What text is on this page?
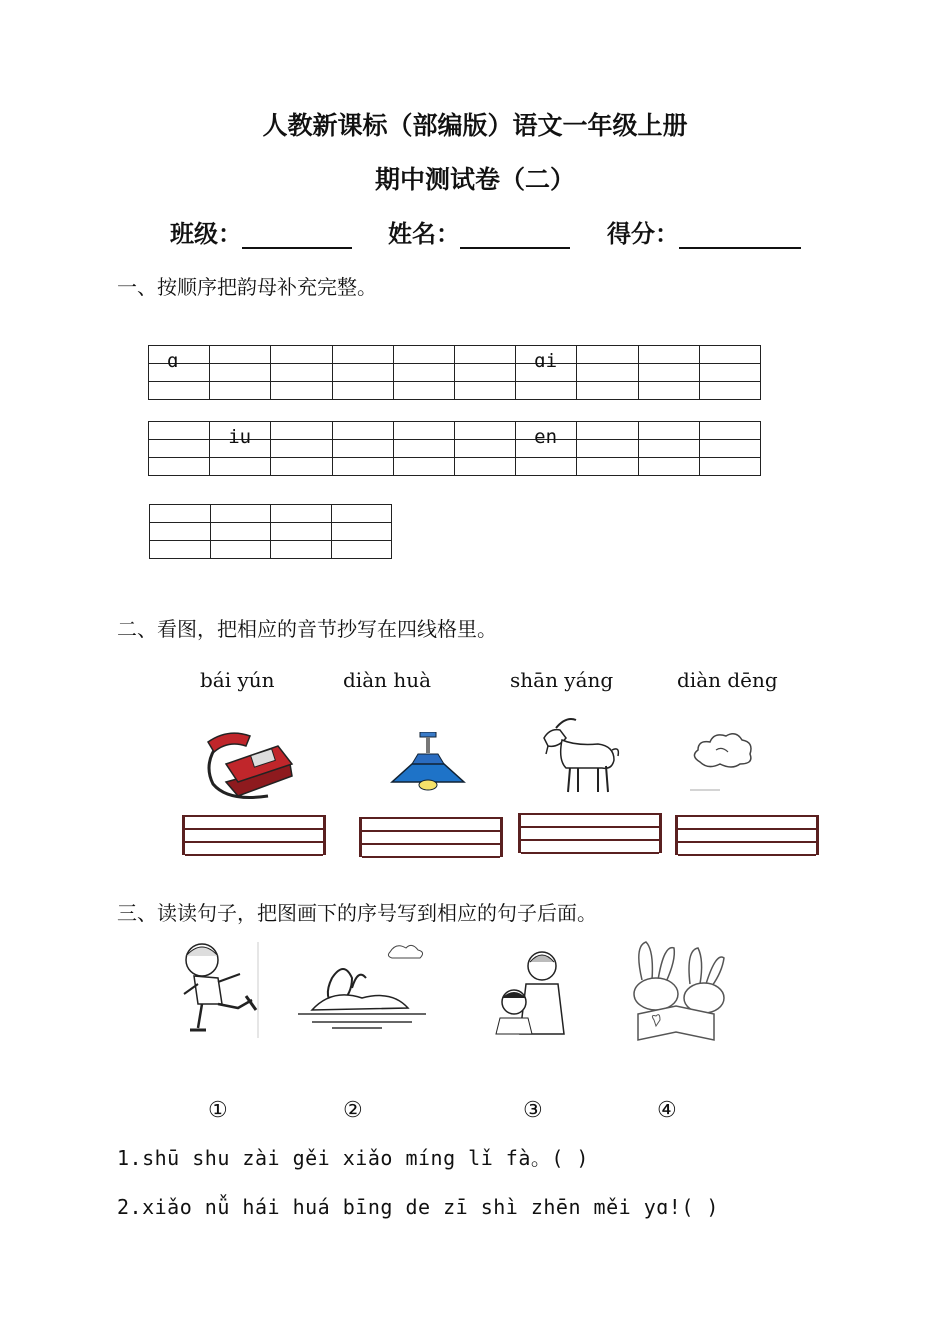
人教新课标（部编版）语文一年级上册
期中测试卷（二）
班级：	姓名：	得分：
一、按顺序把韵母补充完整。
ɑ						ɑi			

	iu					en			

二、看图，把相应的音节抄写在四线格里。
bái yún	diàn huà	shān yáng	diàn dēng
三、读读句子，把图画下的序号写到相应的句子后面。
①	②	③	④
1.shū shu zài gěi xiǎo míng lǐ fà。( )
2.xiǎo nǚ hái huá bīng de zī shì zhēn měi yɑ!( )
